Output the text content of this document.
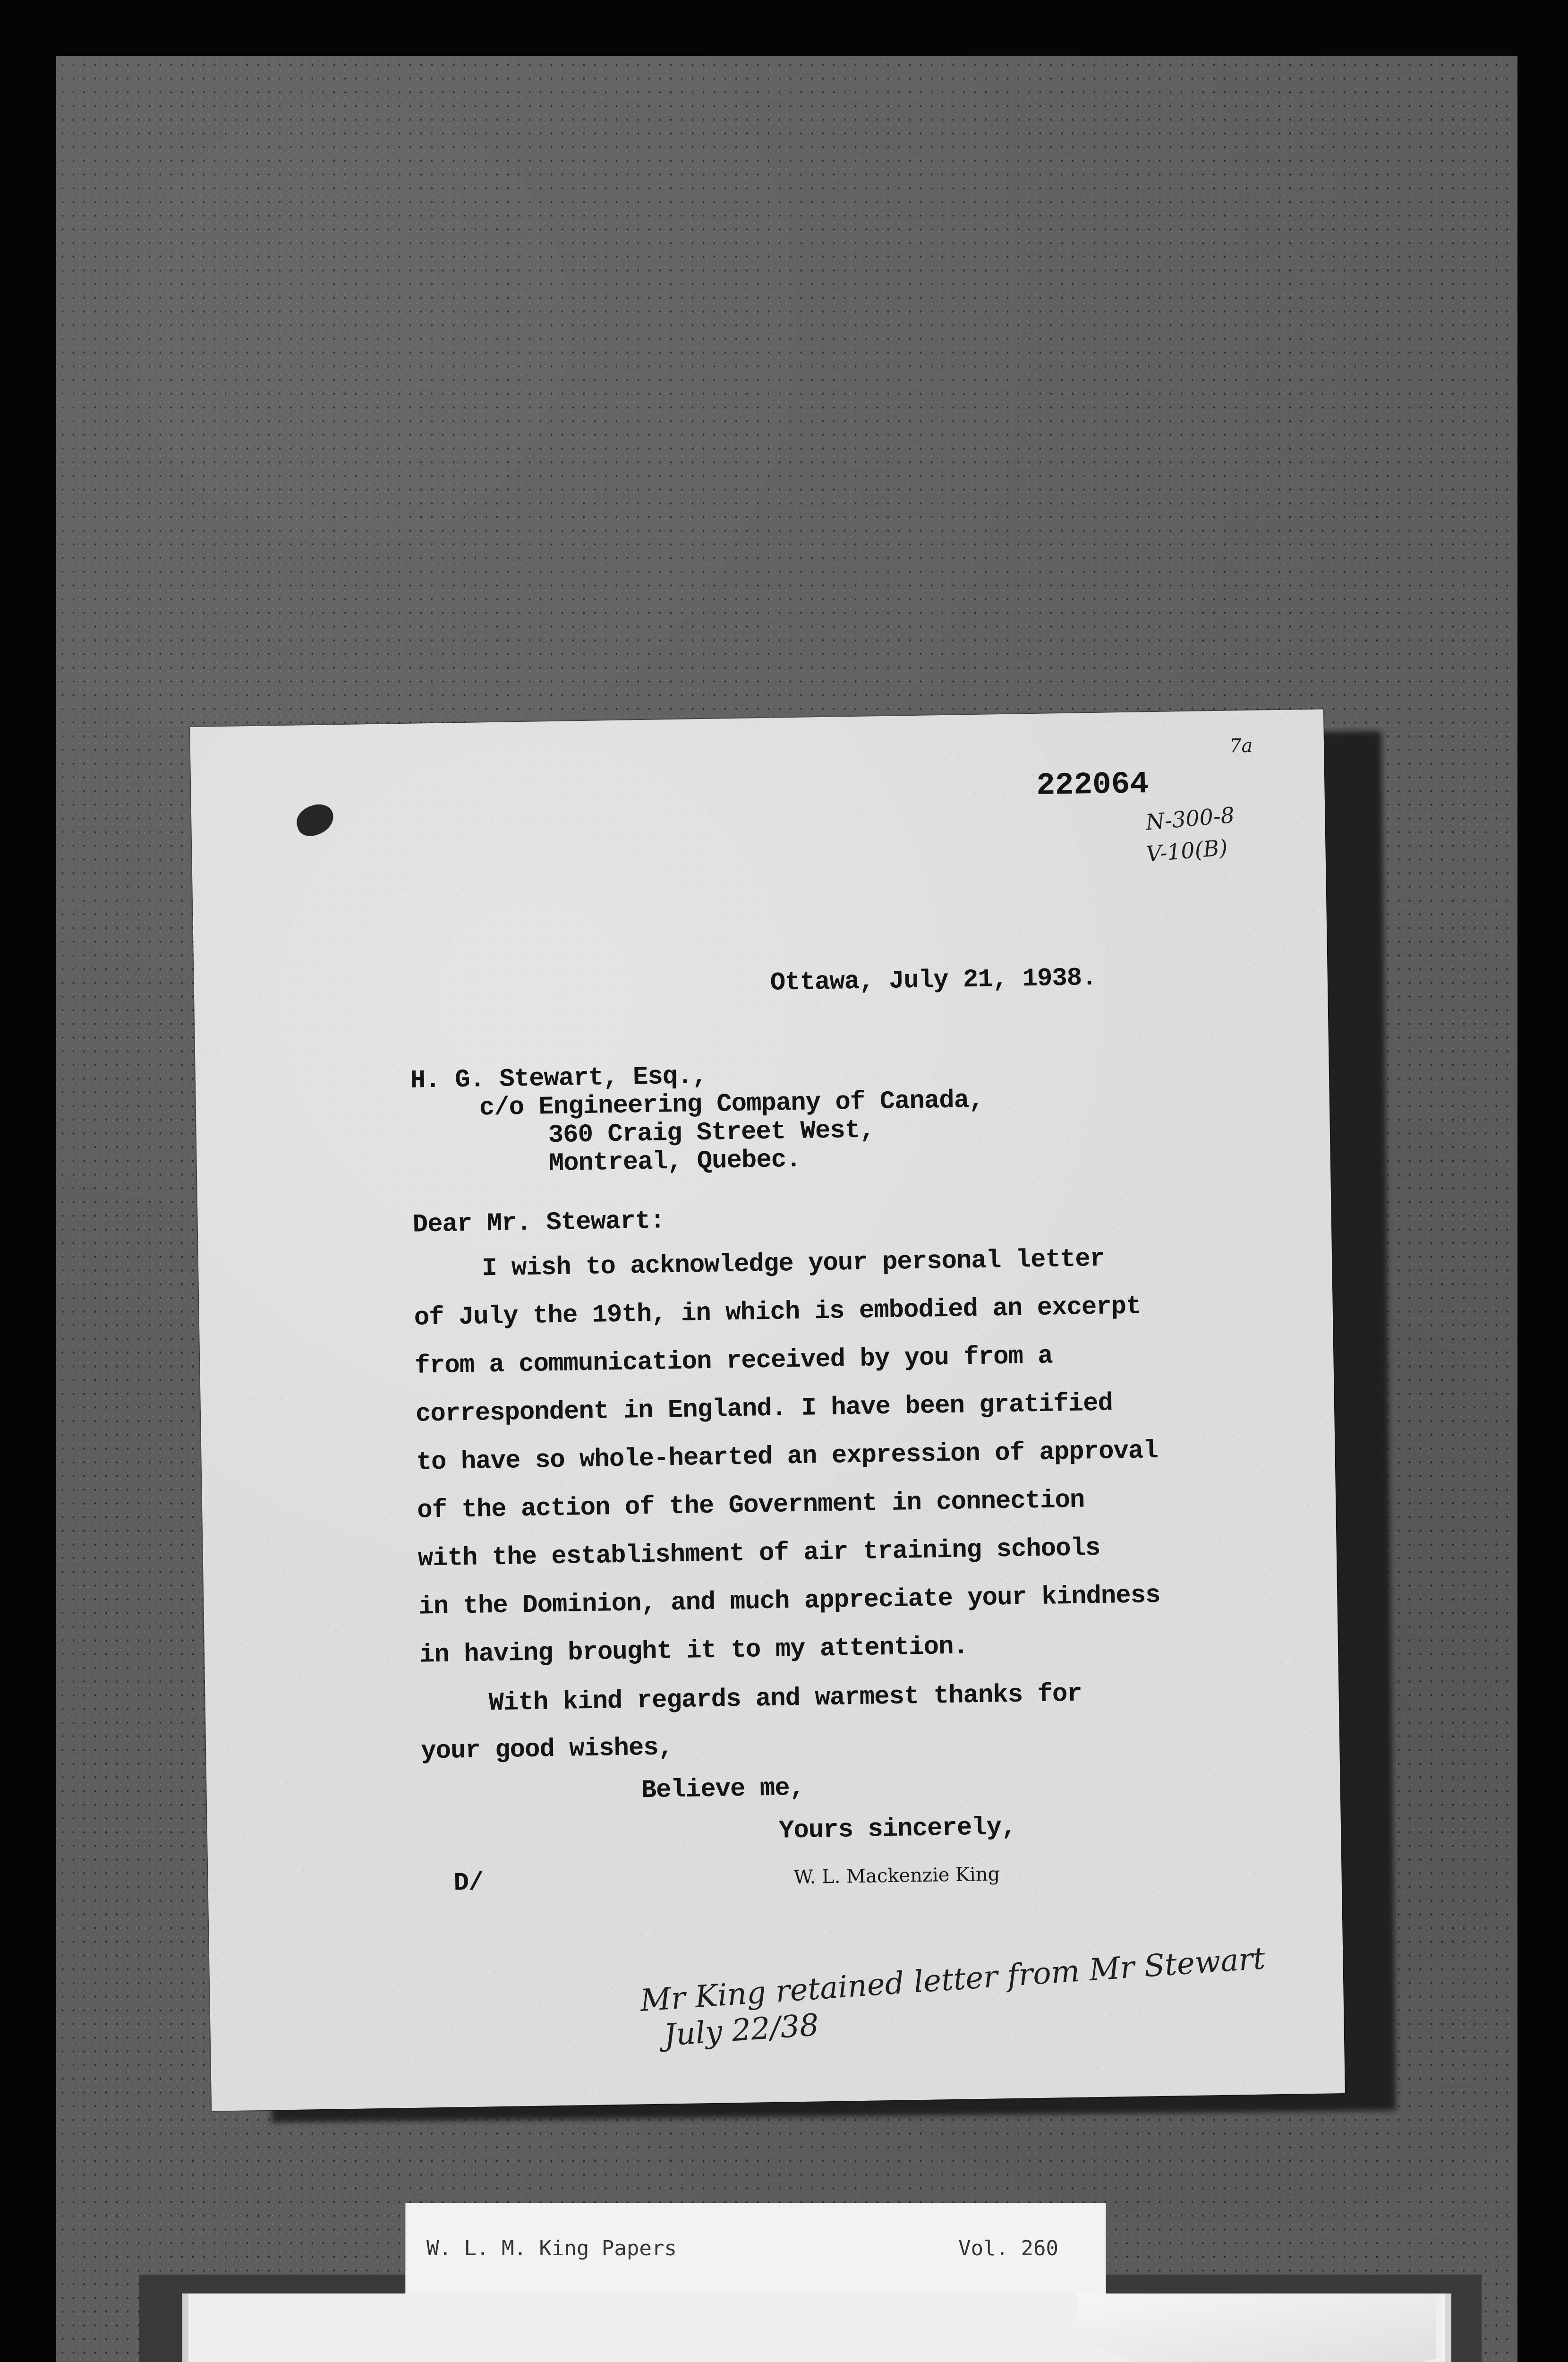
7a
222064
N-300-8
V-10(B)
Ottawa, July 21, 1938.
H. G. Stewart, Esq.,
c/o Engineering Company of Canada,
360 Craig Street West,
Montreal, Quebec.
Dear Mr. Stewart:
I wish to acknowledge your personal letter
of July the 19th, in which is embodied an excerpt
from a communication received by you from a
correspondent in England. I have been gratified
to have so whole-hearted an expression of approval
of the action of the Government in connection
with the establishment of air training schools
in the Dominion, and much appreciate your kindness
in having brought it to my attention.
With kind regards and warmest thanks for
your good wishes,
Believe me,
Yours sincerely,
D/	W. L. Mackenzie King
Mr King retained letter from Mr Stewart
July 22/38
W. L. M. King Papers	Vol. 260
